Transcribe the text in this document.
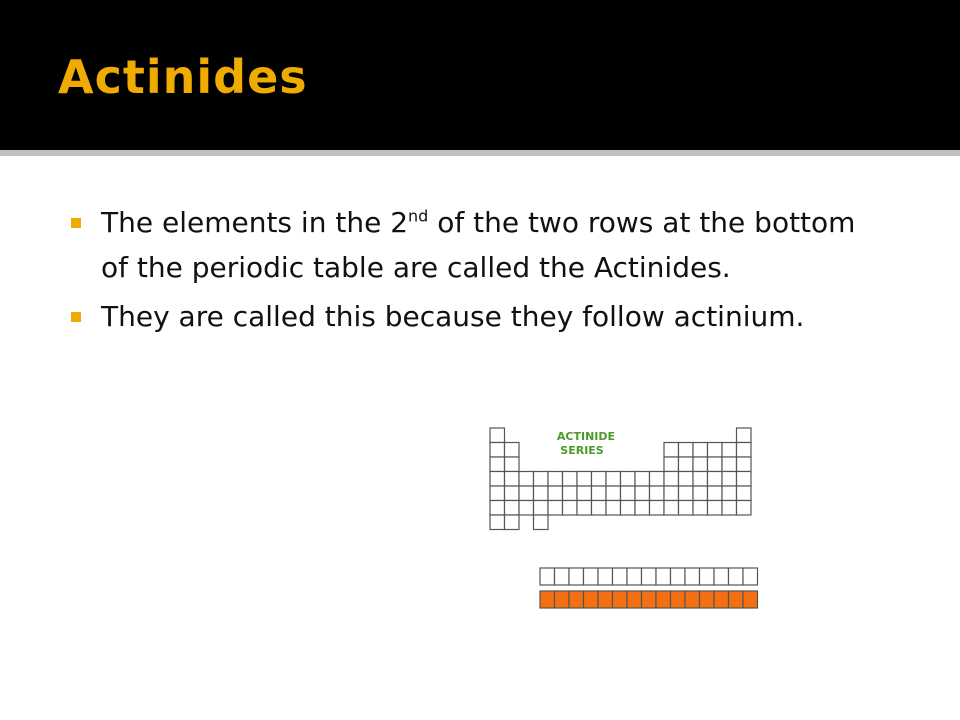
Actinides
The elements in the 2nd of the two rows at the bottom of the periodic table are called the Actinides.
They are called this because they follow actinium.
ACTINIDE
SERIES
